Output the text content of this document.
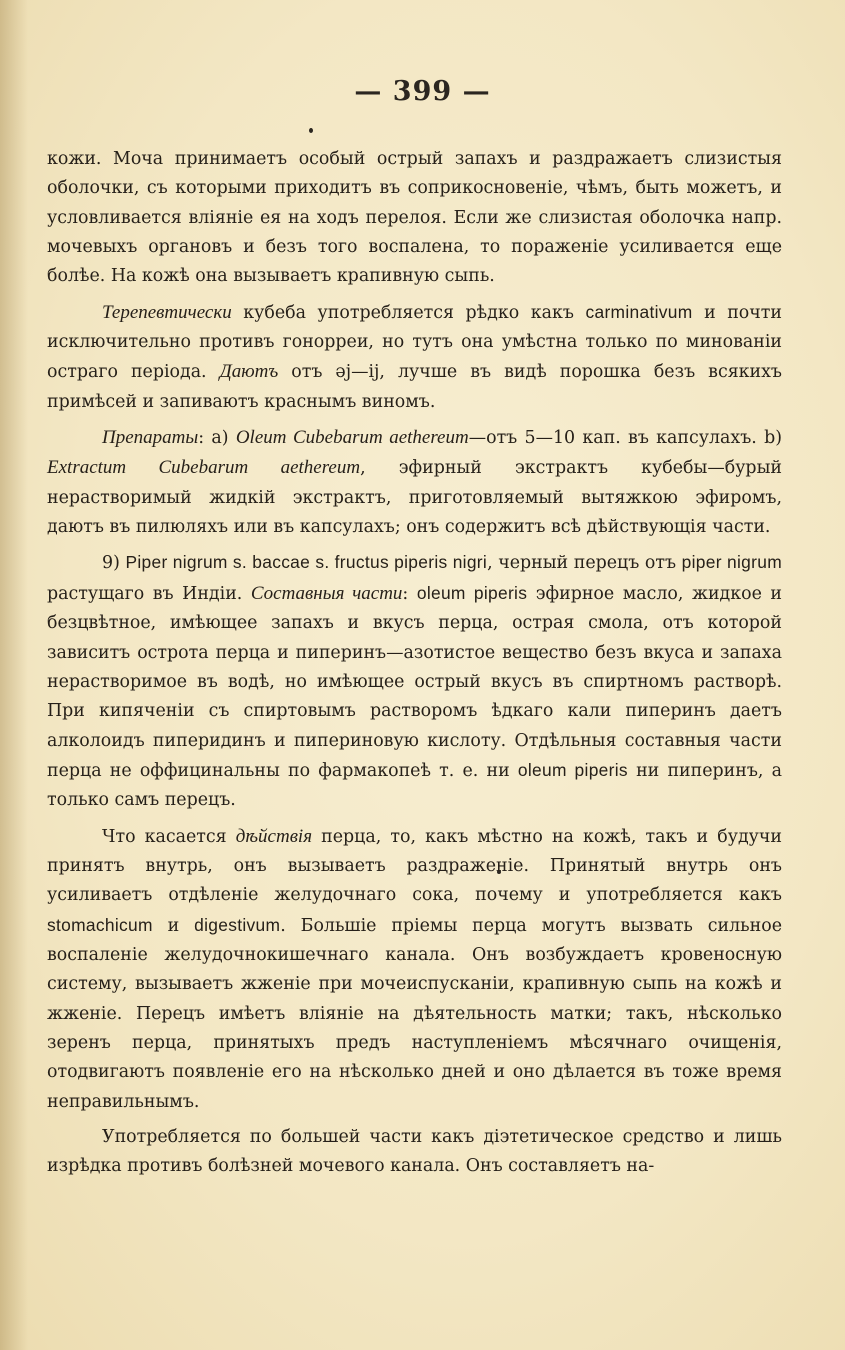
— 399 —

кожи. Моча принимаетъ особый острый запахъ и раздражаетъ слизистыя оболочки, съ которыми приходитъ въ соприкосновеніе, чѣмъ, быть можетъ, и условливается вліяніе ея на ходъ перелоя. Если же слизистая оболочка напр. мочевыхъ органовъ и безъ того воспалена, то пораженіе усиливается еще болѣе. На кожѣ она вызываетъ крапивную сыпь.

Терепевтически кубеба употребляется рѣдко какъ carminativum и почти исключительно противъ гонорреи, но тутъ она умѣстна только по минованіи остраго періода. Даютъ отъ ǝj—ij, лучше въ видѣ порошка безъ всякихъ примѣсей и запиваютъ краснымъ виномъ.

Препараты: a) Oleum Cubebarum aethereum—отъ 5—10 кап. въ капсулахъ. b) Extractum Cubebarum aethereum, эфирный экстрактъ кубебы—бурый нерастворимый жидкій экстрактъ, приготовляемый вытяжкою эфиромъ, даютъ въ пилюляхъ или въ капсулахъ; онъ содержитъ всѣ дѣйствующія части.

9) Piper nigrum s. baccae s. fructus piperis nigri, черный перецъ отъ piper nigrum растущаго въ Индіи. Составныя части: oleum piperis эфирное масло, жидкое и безцвѣтное, имѣющее запахъ и вкусъ перца, острая смола, отъ которой зависитъ острота перца и пиперинъ—азотистое вещество безъ вкуса и запаха нерастворимое въ водѣ, но имѣющее острый вкусъ въ спиртномъ растворѣ. При кипяченіи съ спиртовымъ растворомъ ѣдкаго кали пиперинъ даетъ алколоидъ пиперидинъ и пипериновую кислоту. Отдѣльныя составныя части перца не оффицинальны по фармакопеѣ т. е. ни oleum piperis ни пиперинъ, а только самъ перецъ.

Что касается дѣйствія перца, то, какъ мѣстно на кожѣ, такъ и будучи принятъ внутрь, онъ вызываетъ раздраженіе. Принятый внутрь онъ усиливаетъ отдѣленіе желудочнаго сока, почему и употребляется какъ stomachicum и digestivum. Большіе пріемы перца могутъ вызвать сильное воспаленіе желудочнокишечнаго канала. Онъ возбуждаетъ кровеносную систему, вызываетъ жженіе при мочеиспусканіи, крапивную сыпь на кожѣ и жженіе. Перецъ имѣетъ вліяніе на дѣятельность матки; такъ, нѣсколько зеренъ перца, принятыхъ предъ наступленіемъ мѣсячнаго очищенія, отодвигаютъ появленіе его на нѣсколько дней и оно дѣлается въ тоже время неправильнымъ.

Употребляется по большей части какъ діэтетическое средство и лишь изрѣдка противъ болѣзней мочевого канала. Онъ составляетъ на-
